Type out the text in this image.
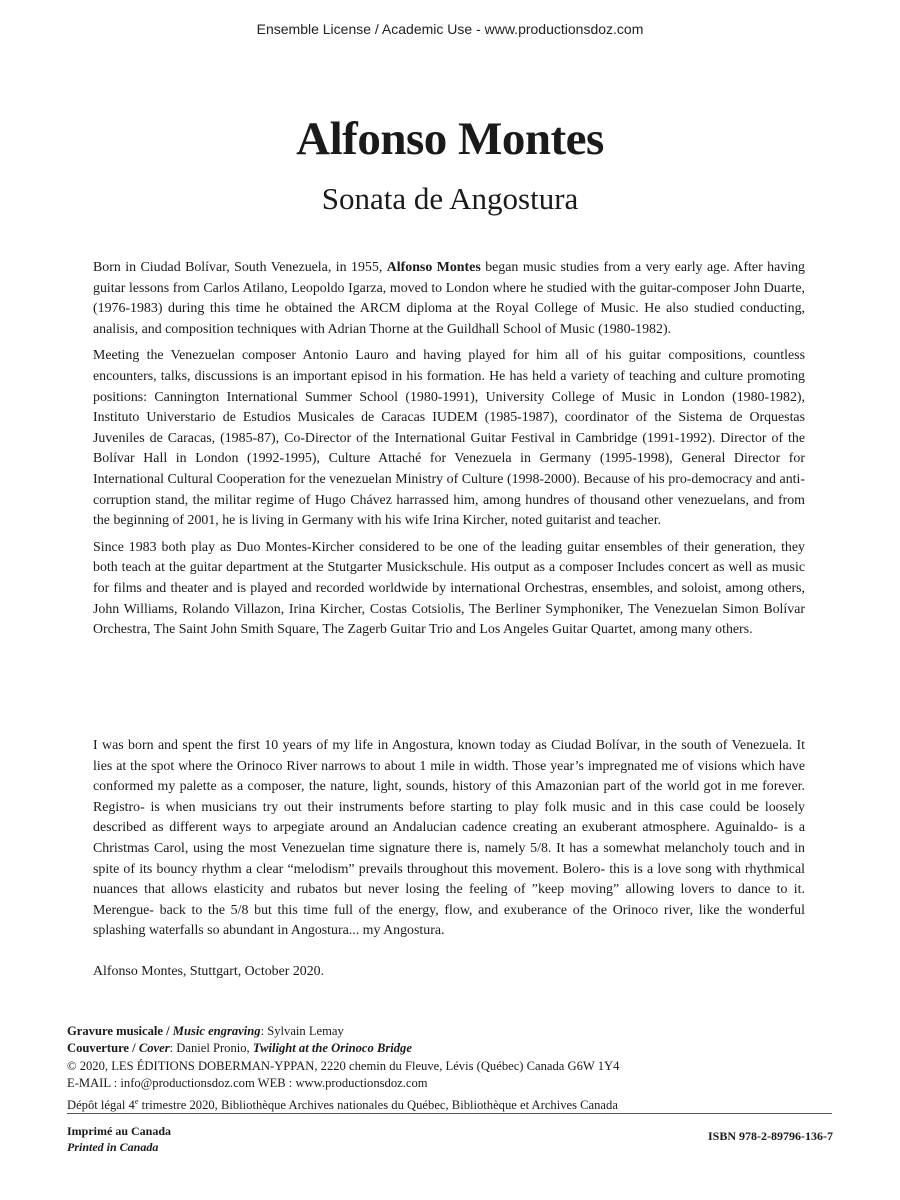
Ensemble License / Academic Use - www.productionsdoz.com
Alfonso Montes
Sonata de Angostura

Born in Ciudad Bolívar, South Venezuela, in 1955, Alfonso Montes began music studies from a very early age. After having guitar lessons from Carlos Atilano, Leopoldo Igarza, moved to London where he studied with the guitar-composer John Duarte, (1976-1983) during this time he obtained the ARCM diploma at the Royal College of Music. He also studied conducting, analisis, and composition techniques with Adrian Thorne at the Guildhall School of Music (1980-1982).

Meeting the Venezuelan composer Antonio Lauro and having played for him all of his guitar compositions, countless encounters, talks, discussions is an important episod in his formation. He has held a variety of teaching and culture promoting positions: Cannington International Summer School (1980-1991), University College of Music in London (1980-1982), Instituto Universtario de Estudios Musicales de Caracas IUDEM (1985-1987), coordinator of the Sistema de Orquestas Juveniles de Caracas, (1985-87), Co-Director of the International Guitar Festival in Cambridge (1991-1992). Director of the Bolívar Hall in London (1992-1995), Culture Attaché for Venezuela in Germany (1995-1998), General Director for International Cultural Cooperation for the venezuelan Ministry of Culture (1998-2000). Because of his pro-democracy and anti-corruption stand, the militar regime of Hugo Chávez harrassed him, among hundres of thousand other venezuelans, and from the beginning of 2001, he is living in Germany with his wife Irina Kircher, noted guitarist and teacher.

Since 1983 both play as Duo Montes-Kircher considered to be one of the leading guitar ensembles of their generation, they both teach at the guitar department at the Stutgarter Musickschule. His output as a composer Includes concert as well as music for films and theater and is played and recorded worldwide by international Orchestras, ensembles, and soloist, among others, John Williams, Rolando Villazon, Irina Kircher, Costas Cotsiolis, The Berliner Symphoniker, The Venezuelan Simon Bolívar Orchestra, The Saint John Smith Square, The Zagerb Guitar Trio and Los Angeles Guitar Quartet, among many others.

I was born and spent the first 10 years of my life in Angostura, known today as Ciudad Bolívar, in the south of Venezuela. It lies at the spot where the Orinoco River narrows to about 1 mile in width. Those year’s impregnated me of visions which have conformed my palette as a composer, the nature, light, sounds, history of this Amazonian part of the world got in me forever. Registro- is when musicians try out their instruments before starting to play folk music and in this case could be loosely described as different ways to arpegiate around an Andalucian cadence creating an exuberant atmosphere. Aguinaldo- is a Christmas Carol, using the most Venezuelan time signature there is, namely 5/8. It has a somewhat melancholy touch and in spite of its bouncy rhythm a clear “melodism” prevails throughout this movement. Bolero- this is a love song with rhythmical nuances that allows elasticity and rubatos but never losing the feeling of ”keep moving” allowing lovers to dance to it. Merengue- back to the 5/8 but this time full of the energy, flow, and exuberance of the Orinoco river, like the wonderful splashing waterfalls so abundant in Angostura... my Angostura.

Alfonso Montes, Stuttgart, October 2020.

Gravure musicale / Music engraving: Sylvain Lemay
Couverture / Cover: Daniel Pronio, Twilight at the Orinoco Bridge
© 2020, LES ÉDITIONS DOBERMAN-YPPAN, 2220 chemin du Fleuve, Lévis (Québec) Canada G6W 1Y4
E-MAIL : info@productionsdoz.com WEB : www.productionsdoz.com
Dépôt légal 4e trimestre 2020, Bibliothèque Archives nationales du Québec, Bibliothèque et Archives Canada
Imprimé au Canada
Printed in Canada
ISBN 978-2-89796-136-7
